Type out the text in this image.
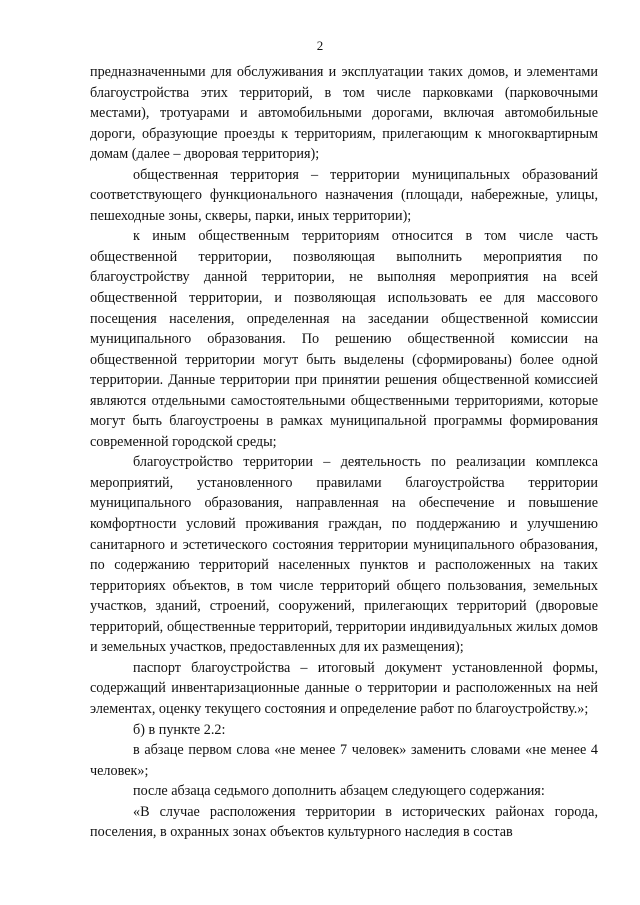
2

предназначенными для обслуживания и эксплуатации таких домов, и элементами благоустройства этих территорий, в том числе парковками (парковочными местами), тротуарами и автомобильными дорогами, включая автомобильные дороги, образующие проезды к территориям, прилегающим к многоквартирным домам (далее – дворовая территория);

общественная территория – территории муниципальных образований соответствующего функционального назначения (площади, набережные, улицы, пешеходные зоны, скверы, парки, иных территории);

к иным общественным территориям относится в том числе часть общественной территории, позволяющая выполнить мероприятия по благоустройству данной территории, не выполняя мероприятия на всей общественной территории, и позволяющая использовать ее для массового посещения населения, определенная на заседании общественной комиссии муниципального образования. По решению общественной комиссии на общественной территории могут быть выделены (сформированы) более одной территории. Данные территории при принятии решения общественной комиссией являются отдельными самостоятельными общественными территориями, которые могут быть благоустроены в рамках муниципальной программы формирования современной городской среды;

благоустройство территории – деятельность по реализации комплекса мероприятий, установленного правилами благоустройства территории муниципального образования, направленная на обеспечение и повышение комфортности условий проживания граждан, по поддержанию и улучшению санитарного и эстетического состояния территории муниципального образования, по содержанию территорий населенных пунктов и расположенных на таких территориях объектов, в том числе территорий общего пользования, земельных участков, зданий, строений, сооружений, прилегающих территорий (дворовые территорий, общественные территорий, территории индивидуальных жилых домов и земельных участков, предоставленных для их размещения);

паспорт благоустройства – итоговый документ установленной формы, содержащий инвентаризационные данные о территории и расположенных на ней элементах, оценку текущего состояния и определение работ по благоустройству.»;

б) в пункте 2.2:

в абзаце первом слова «не менее 7 человек» заменить словами «не менее 4 человек»;

после абзаца седьмого дополнить абзацем следующего содержания:

«В случае расположения территории в исторических районах города, поселения, в охранных зонах объектов культурного наследия в состав
